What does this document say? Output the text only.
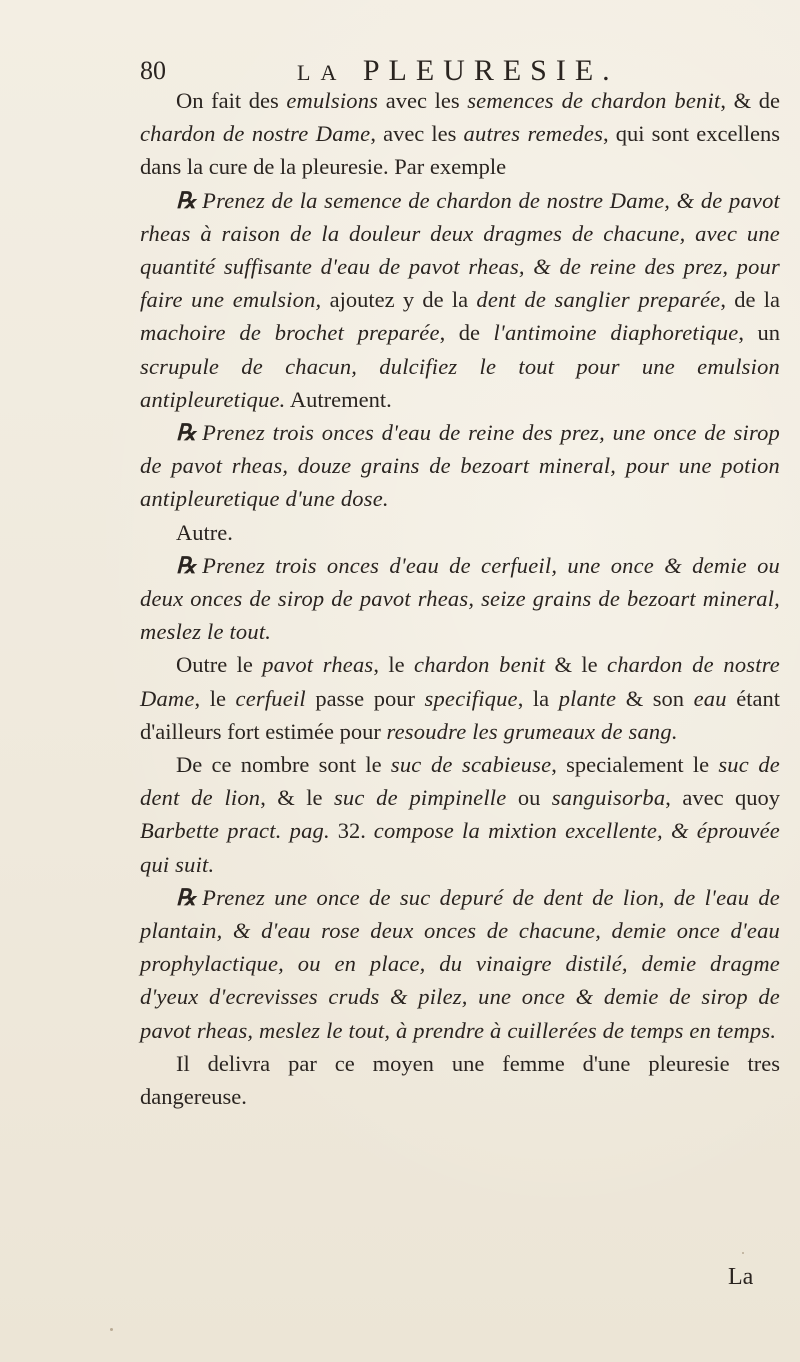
80	LA PLEURESIE.

On fait des emulsions avec les semences de chardon benit, & de chardon de nostre Dame, avec les autres remedes, qui sont excellens dans la cure de la pleuresie. Par exemple

℞ Prenez de la semence de chardon de nostre Dame, & de pavot rheas à raison de la douleur deux dragmes de chacune, avec une quantité suffisante d'eau de pavot rheas, & de reine des prez, pour faire une emulsion, ajoutez y de la dent de sanglier preparée, de la machoire de brochet preparée, de l'antimoine diaphoretique, un scrupule de chacun, dulcifiez le tout pour une emulsion antipleuretique. Autrement.

℞ Prenez trois onces d'eau de reine des prez, une once de sirop de pavot rheas, douze grains de bezoart mineral, pour une potion antipleuretique d'une dose.

Autre.

℞ Prenez trois onces d'eau de cerfueil, une once & demie ou deux onces de sirop de pavot rheas, seize grains de bezoart mineral, meslez le tout.

Outre le pavot rheas, le chardon benit & le chardon de nostre Dame, le cerfueil passe pour specifique, la plante & son eau étant d'ailleurs fort estimée pour resoudre les grumeaux de sang.

De ce nombre sont le suc de scabieuse, specialement le suc de dent de lion, & le suc de pimpinelle ou sanguisorba, avec quoy Barbette pract. pag. 32. compose la mixtion excellente, & éprouvée qui suit.

℞ Prenez une once de suc depuré de dent de lion, de l'eau de plantain, & d'eau rose deux onces de chacune, demie once d'eau prophylactique, ou en place, du vinaigre distilé, demie dragme d'yeux d'ecrevisses cruds & pilez, une once & demie de sirop de pavot rheas, meslez le tout, à prendre à cuillerées de temps en temps.

Il delivra par ce moyen une femme d'une pleuresie tres dangereuse.

La
